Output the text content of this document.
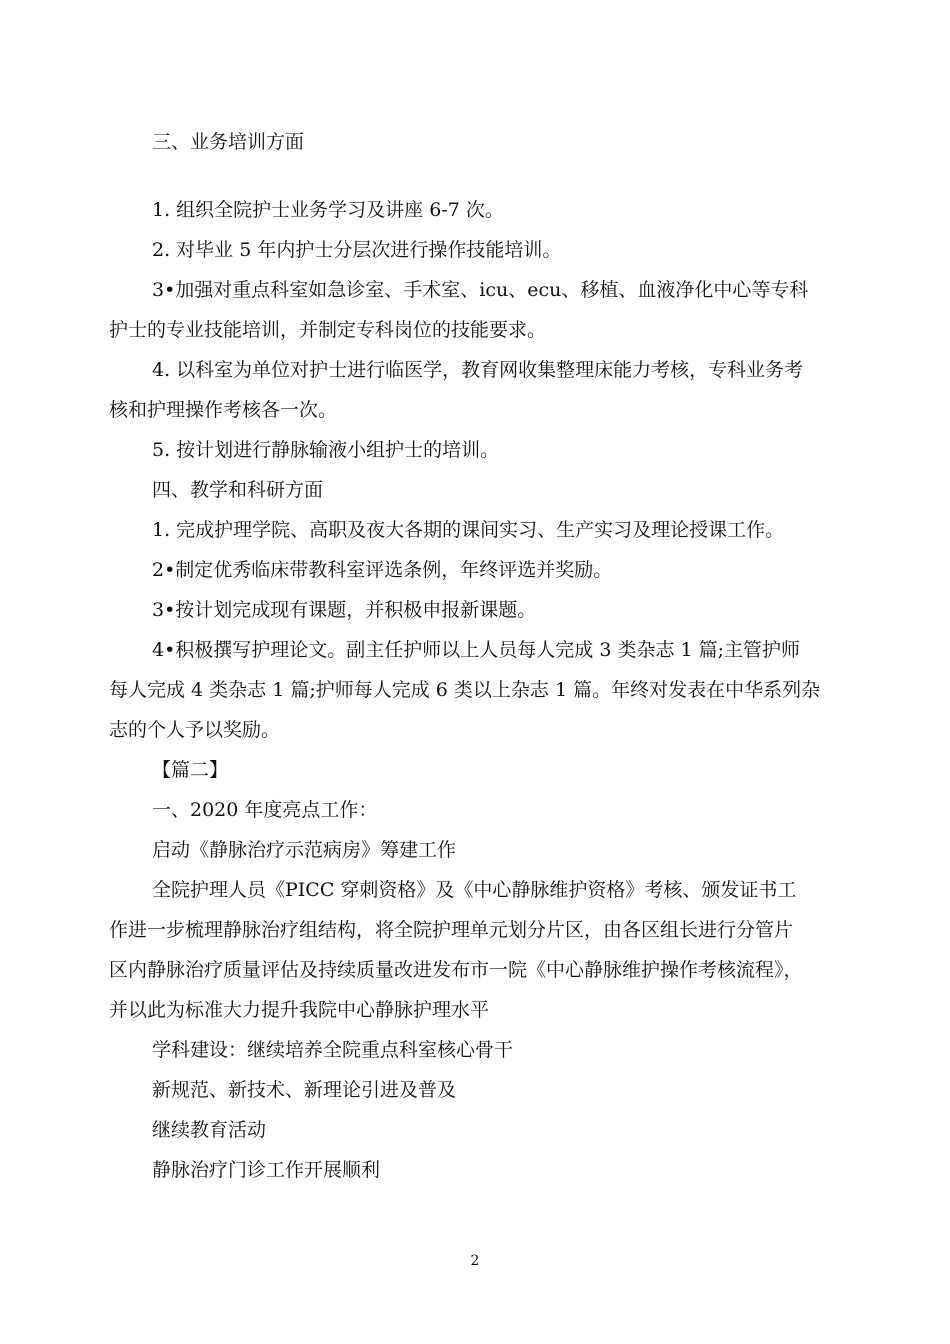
三、业务培训方面

1. 组织全院护士业务学习及讲座 6-7 次。

2. 对毕业 5 年内护士分层次进行操作技能培训。

3•加强对重点科室如急诊室、手术室、icu、ecu、移植、血液净化中心等专科

护士的专业技能培训，并制定专科岗位的技能要求。

4. 以科室为单位对护士进行临医学，教育网收集整理床能力考核，专科业务考

核和护理操作考核各一次。

5. 按计划进行静脉输液小组护士的培训。

四、教学和科研方面

1. 完成护理学院、高职及夜大各期的课间实习、生产实习及理论授课工作。

2•制定优秀临床带教科室评选条例，年终评选并奖励。

3•按计划完成现有课题，并积极申报新课题。

4•积极撰写护理论文。副主任护师以上人员每人完成 3 类杂志 1 篇;主管护师

每人完成 4 类杂志 1 篇;护师每人完成 6 类以上杂志 1 篇。年终对发表在中华系列杂

志的个人予以奖励。

【篇二】

一、2020 年度亮点工作：

启动《静脉治疗示范病房》筹建工作

全院护理人员《PICC 穿刺资格》及《中心静脉维护资格》考核、颁发证书工

作进一步梳理静脉治疗组结构，将全院护理单元划分片区，由各区组长进行分管片

区内静脉治疗质量评估及持续质量改进发布市一院《中心静脉维护操作考核流程》，

并以此为标准大力提升我院中心静脉护理水平

学科建设：继续培养全院重点科室核心骨干

新规范、新技术、新理论引进及普及

继续教育活动

静脉治疗门诊工作开展顺利

2
